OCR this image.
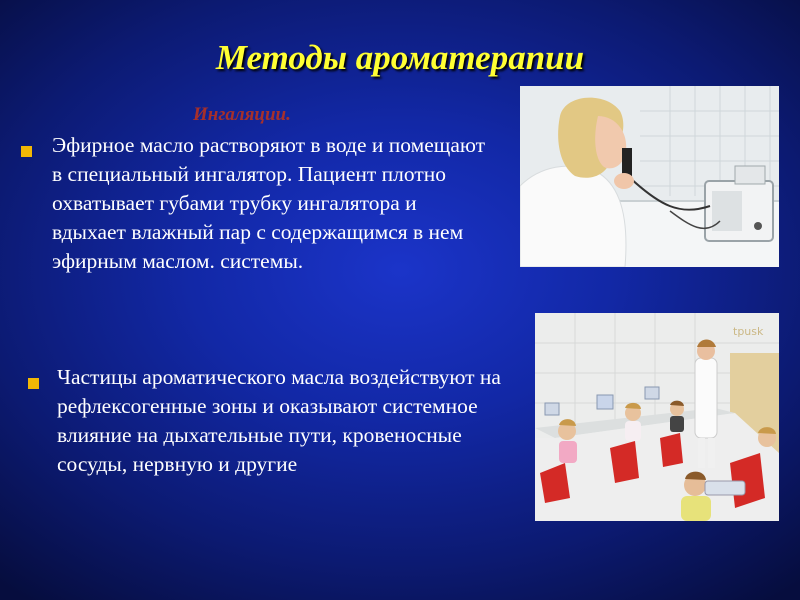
Методы ароматерапии
Ингаляции.

Эфирное масло растворяют в воде и помещают в специальный ингалятор. Пациент плотно охватывает губами трубку ингалятора и вдыхает влажный пар с содержащимся в нем эфирным маслом. системы.

Частицы ароматического масла воздействуют на рефлексогенные зоны и оказывают системное влияние на дыхательные пути, кровеносные сосуды, нервную и другие

tpusk
